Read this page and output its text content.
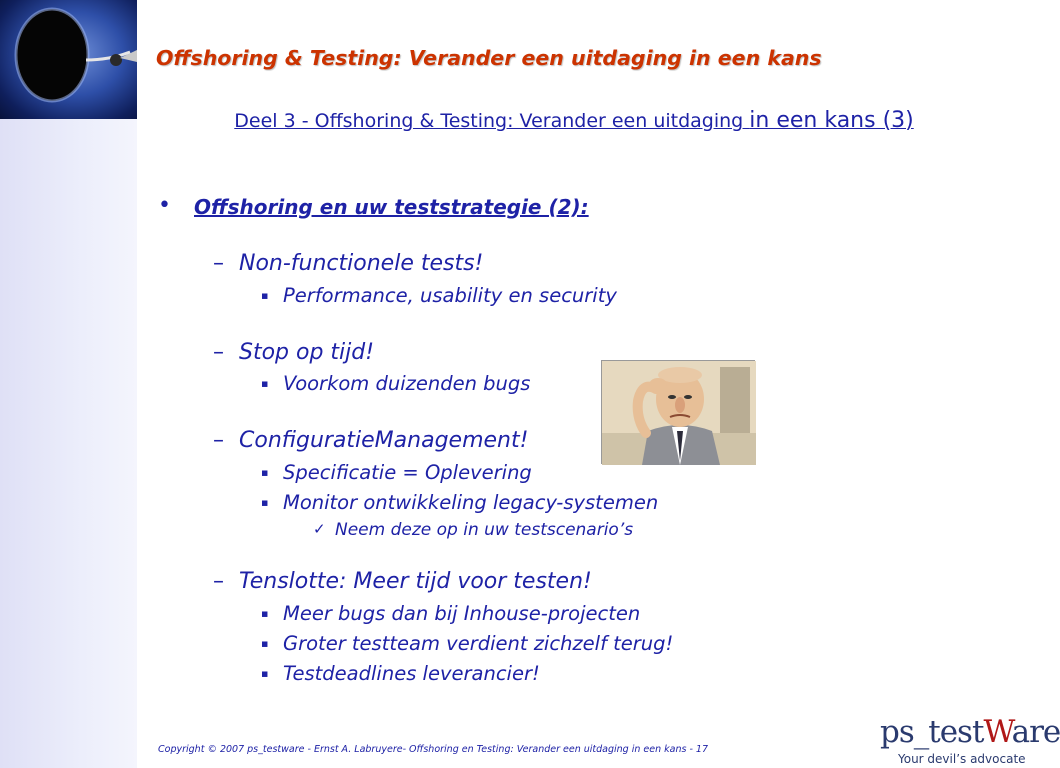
Offshoring & Testing: Verander een uitdaging in een kans
Deel 3 - Offshoring & Testing: Verander een uitdaging in een kans (3)
• Offshoring en uw teststrategie (2):
– Non-functionele tests!
▪ Performance, usability en security
– Stop op tijd!
▪ Voorkom duizenden bugs
– ConfiguratieManagement!
▪ Specificatie = Oplevering
▪ Monitor ontwikkeling legacy-systemen
✓ Neem deze op in uw testscenario’s
– Tenslotte: Meer tijd voor testen!
▪ Meer bugs dan bij Inhouse-projecten
▪ Groter testteam verdient zichzelf terug!
▪ Testdeadlines leverancier!
Copyright © 2007 ps_testware - Ernst A. Labruyere- Offshoring en Testing: Verander een uitdaging in een kans - 17	ps_testWare
Your devil’s advocate
